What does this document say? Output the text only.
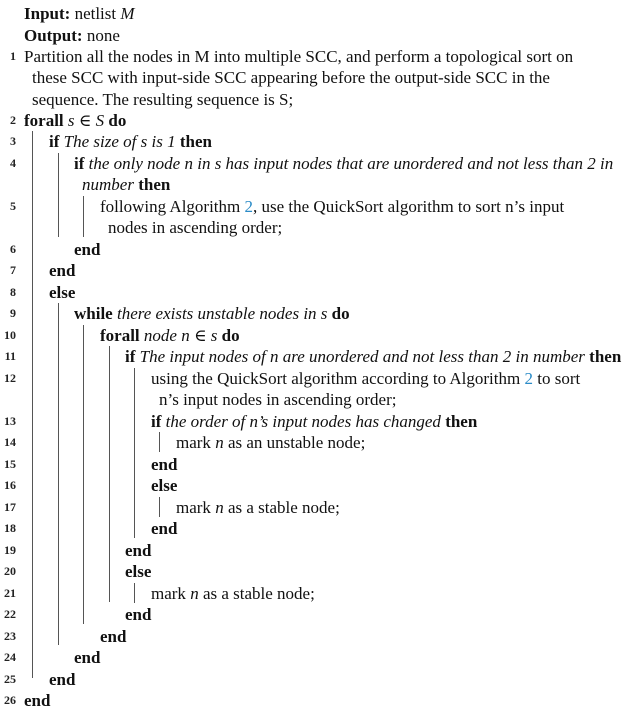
Input: netlist M
Output: none
1 Partition all the nodes in M into multiple SCC, and perform a topological sort on
these SCC with input-side SCC appearing before the output-side SCC in the
sequence. The resulting sequence is S;
2 forall s ∈ S do
3 if The size of s is 1 then
4	if the only node n in s has input nodes that are unordered and not less than 2 in
number then
5	following Algorithm 2, use the QuickSort algorithm to sort n’s input
nodes in ascending order;
6	end
7 end
8 else
9	while there exists unstable nodes in s do
10	forall node n ∈ s do
11	if The input nodes of n are unordered and not less than 2 in number then
12	using the QuickSort algorithm according to Algorithm 2 to sort
n’s input nodes in ascending order;
13	if the order of n’s input nodes has changed then
14	mark n as an unstable node;
15	end
16	else
17	mark n as a stable node;
18	end
19	end
20	else
21	mark n as a stable node;
22	end
23	end
24	end
25 end
26 end
